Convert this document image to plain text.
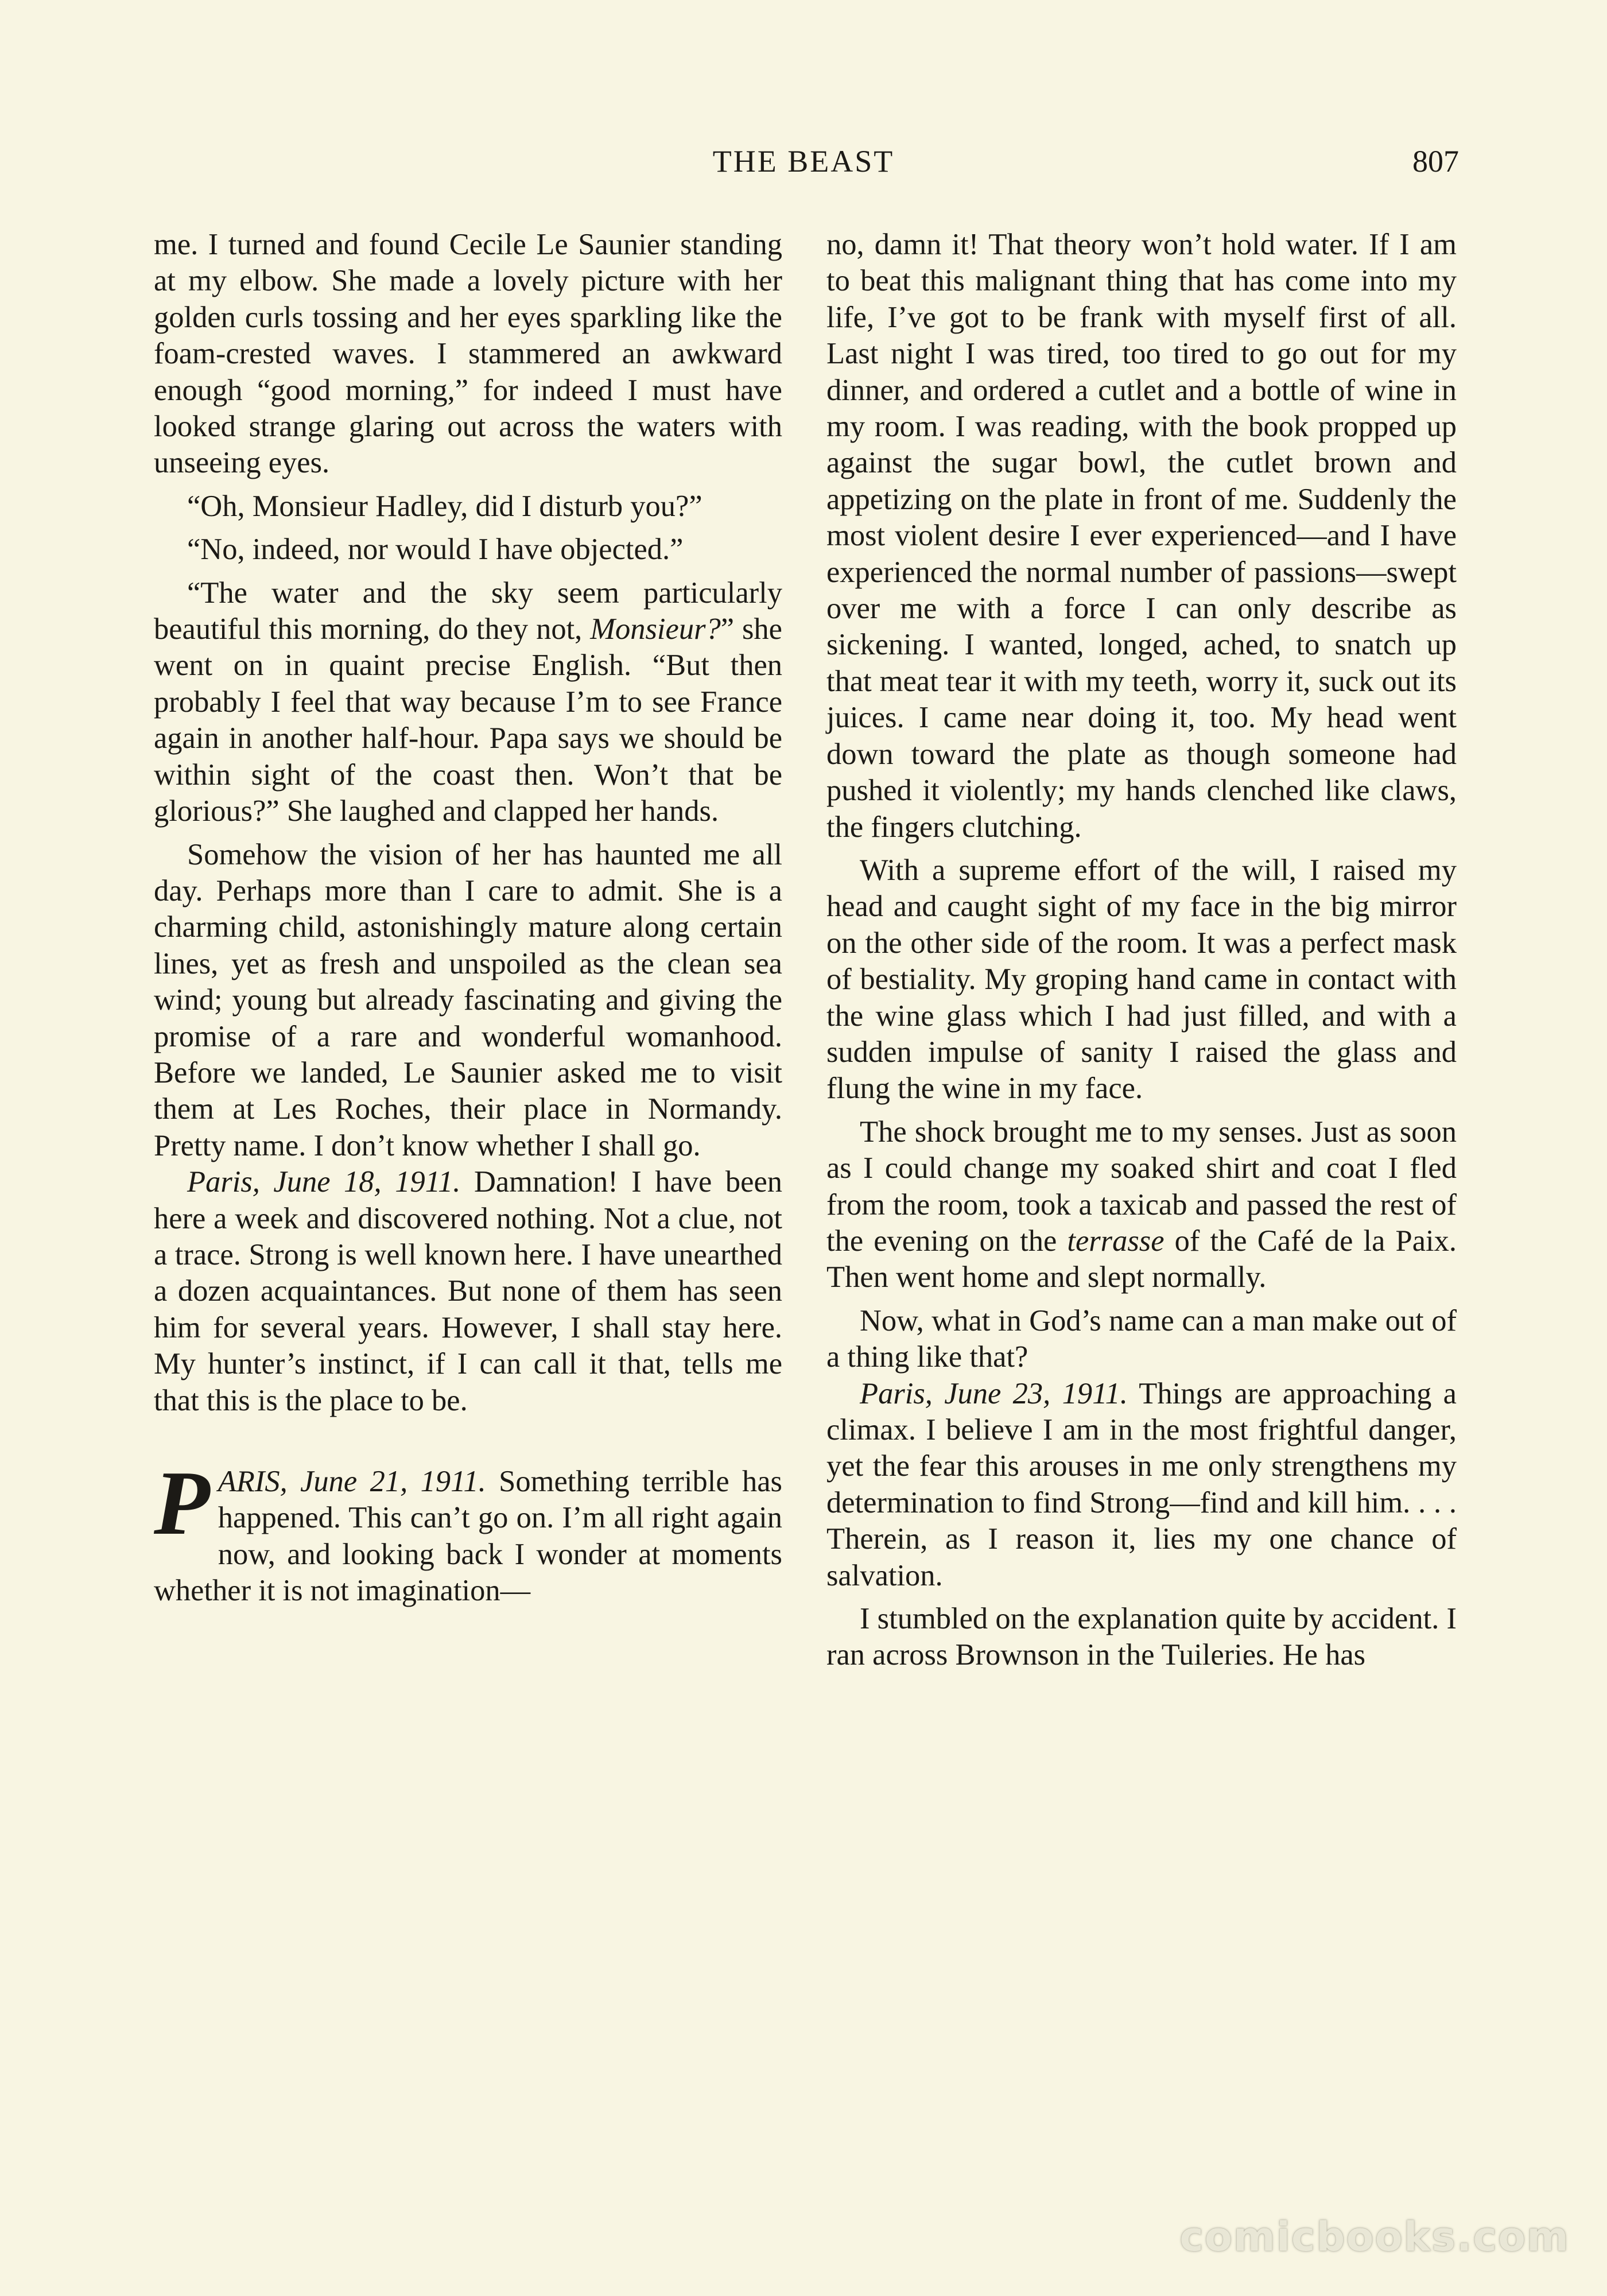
THE BEAST	807

me. I turned and found Cecile Le Saunier standing at my elbow. She made a lovely picture with her golden curls tossing and her eyes sparkling like the foam-crested waves. I stammered an awkward enough “good morning,” for indeed I must have looked strange glaring out across the waters with unseeing eyes.

“Oh, Monsieur Hadley, did I disturb you?”

“No, indeed, nor would I have objected.”

“The water and the sky seem particularly beautiful this morning, do they not, Monsieur?” she went on in quaint precise English. “But then probably I feel that way because I’m to see France again in another half-hour. Papa says we should be within sight of the coast then. Won’t that be glorious?” She laughed and clapped her hands.

Somehow the vision of her has haunted me all day. Perhaps more than I care to admit. She is a charming child, astonishingly mature along certain lines, yet as fresh and unspoiled as the clean sea wind; young but already fascinating and giving the promise of a rare and wonderful womanhood. Before we landed, Le Saunier asked me to visit them at Les Roches, their place in Normandy. Pretty name. I don’t know whether I shall go.

Paris, June 18, 1911. Damnation! I have been here a week and discovered nothing. Not a clue, not a trace. Strong is well known here. I have unearthed a dozen acquaintances. But none of them has seen him for several years. However, I shall stay here. My hunter’s instinct, if I can call it that, tells me that this is the place to be.

PARIS, June 21, 1911. Something terrible has happened. This can’t go on. I’m all right again now, and looking back I wonder at moments whether it is not imagination—

no, damn it! That theory won’t hold water. If I am to beat this malignant thing that has come into my life, I’ve got to be frank with myself first of all. Last night I was tired, too tired to go out for my dinner, and ordered a cutlet and a bottle of wine in my room. I was reading, with the book propped up against the sugar bowl, the cutlet brown and appetizing on the plate in front of me. Suddenly the most violent desire I ever experienced—and I have experienced the normal number of passions—swept over me with a force I can only describe as sickening. I wanted, longed, ached, to snatch up that meat tear it with my teeth, worry it, suck out its juices. I came near doing it, too. My head went down toward the plate as though someone had pushed it violently; my hands clenched like claws, the fingers clutching.

With a supreme effort of the will, I raised my head and caught sight of my face in the big mirror on the other side of the room. It was a perfect mask of bestiality. My groping hand came in contact with the wine glass which I had just filled, and with a sudden impulse of sanity I raised the glass and flung the wine in my face.

The shock brought me to my senses. Just as soon as I could change my soaked shirt and coat I fled from the room, took a taxicab and passed the rest of the evening on the terrasse of the Café de la Paix. Then went home and slept normally.

Now, what in God’s name can a man make out of a thing like that?

Paris, June 23, 1911. Things are approaching a climax. I believe I am in the most frightful danger, yet the fear this arouses in me only strengthens my determination to find Strong—find and kill him. . . . Therein, as I reason it, lies my one chance of salvation.

I stumbled on the explanation quite by accident. I ran across Brownson in the Tuileries. He has

comicbooks.com
